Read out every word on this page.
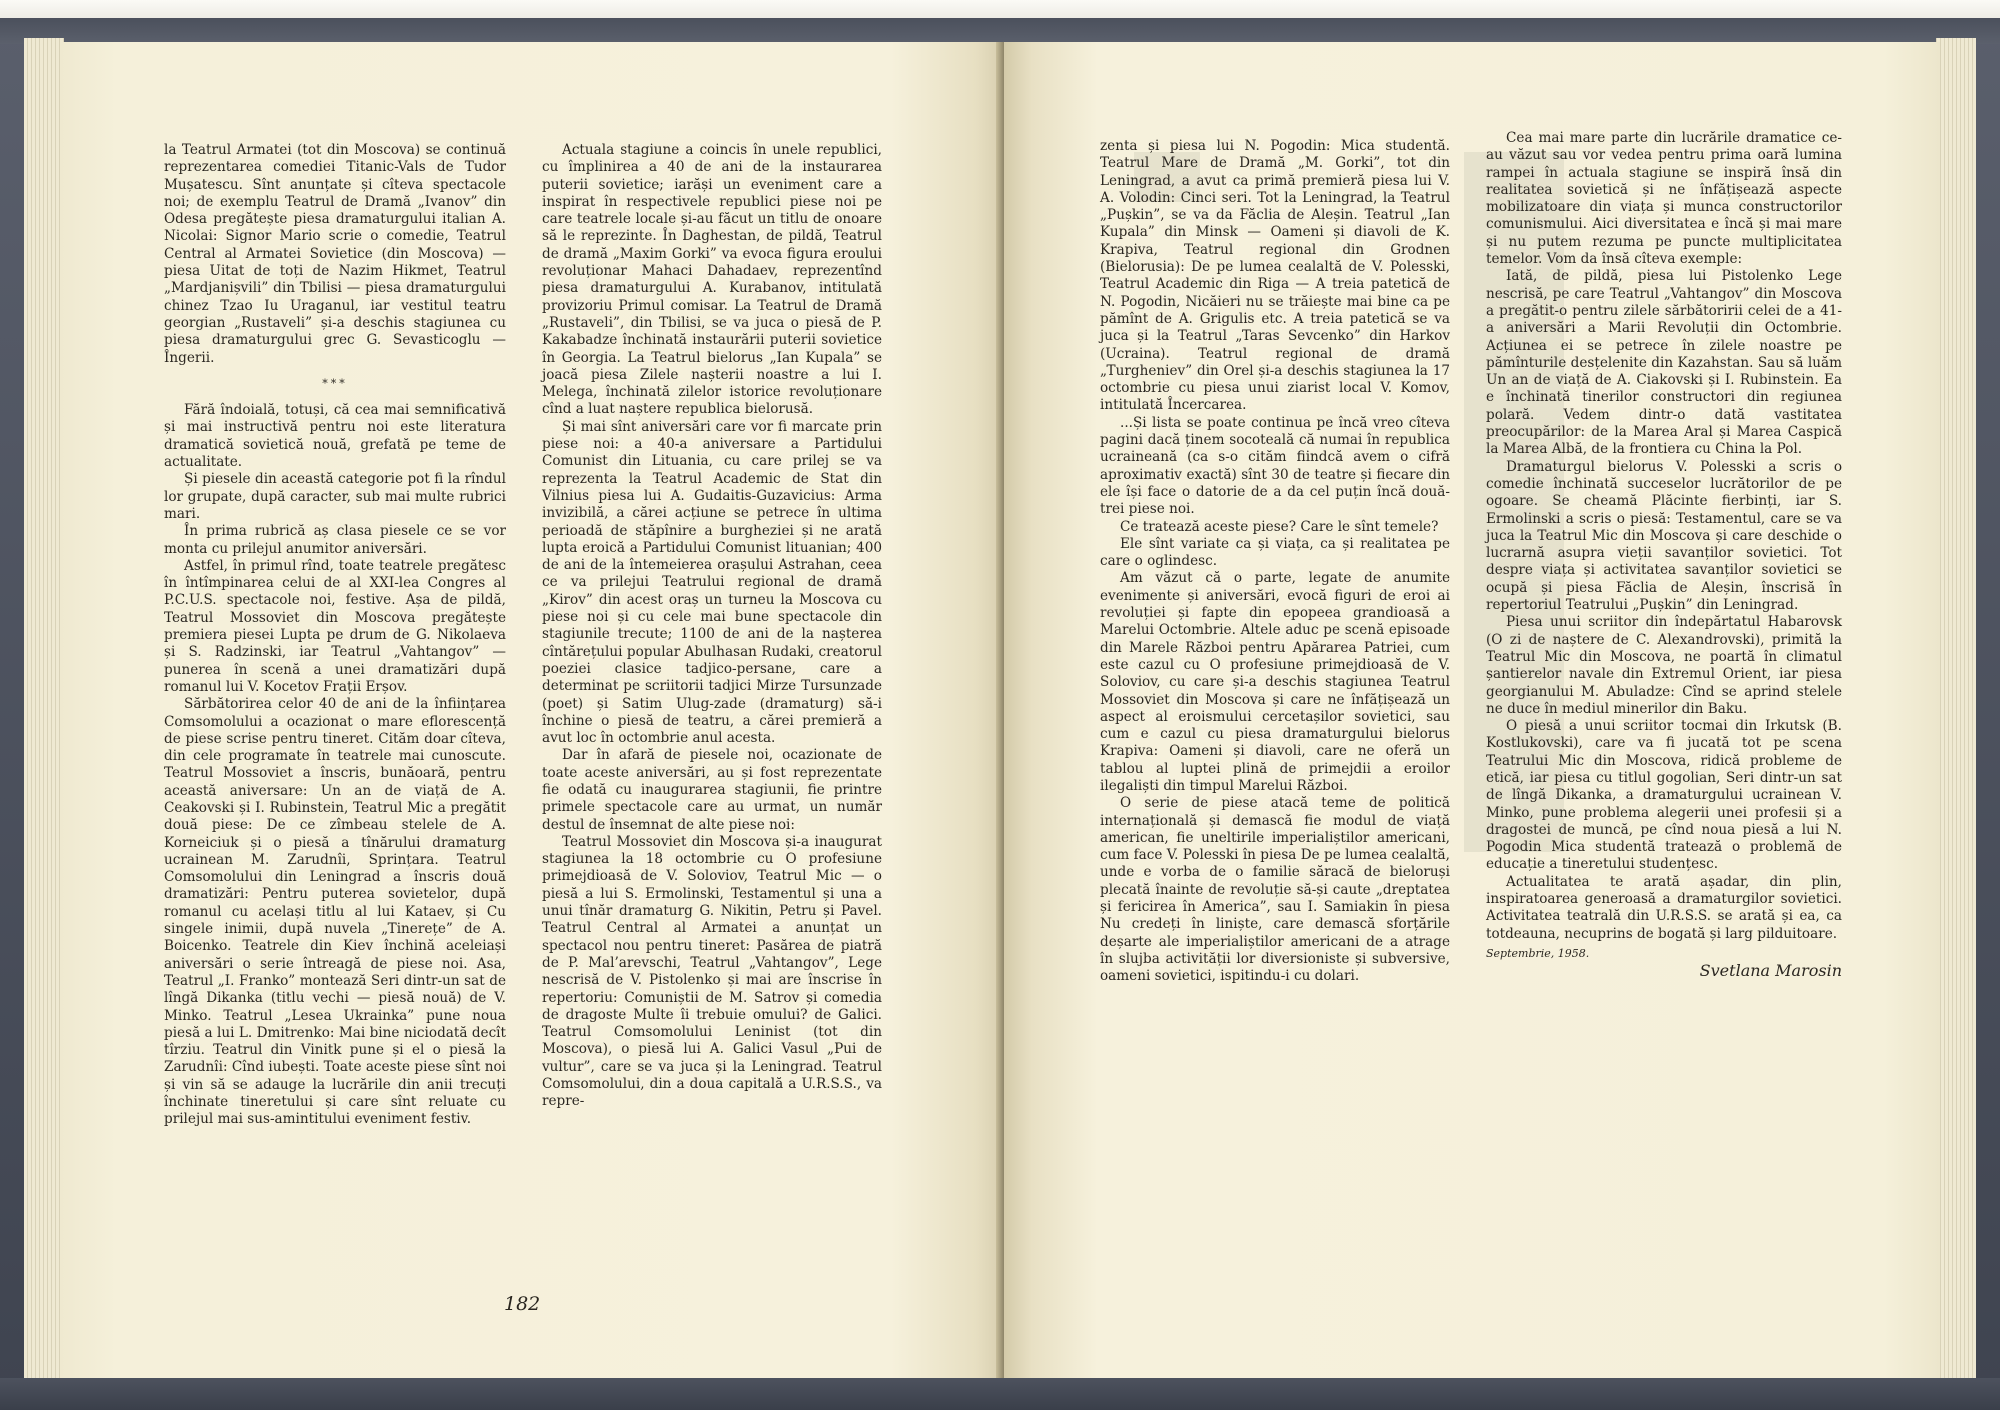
la Teatrul Armatei (tot din Moscova) se continuă reprezentarea comediei Titanic-Vals de Tudor Mușatescu. Sînt anunțate și cîteva spectacole noi; de exemplu Teatrul de Dramă „Ivanov” din Odesa pregătește piesa dramaturgului italian A. Nicolai: Signor Mario scrie o comedie, Teatrul Central al Armatei Sovietice (din Moscova) — piesa Uitat de toți de Nazim Hikmet, Teatrul „Mardjanișvili” din Tbilisi — piesa dramaturgului chinez Tzao Iu Uraganul, iar vestitul teatru georgian „Rustaveli” și-a deschis stagiunea cu piesa dramaturgului grec G. Sevasticoglu — Îngerii.

***

Fără îndoială, totuși, că cea mai semnificativă și mai instructivă pentru noi este literatura dramatică sovietică nouă, grefată pe teme de actualitate.

Și piesele din această categorie pot fi la rîndul lor grupate, după caracter, sub mai multe rubrici mari.

În prima rubrică aș clasa piesele ce se vor monta cu prilejul anumitor aniversări.

Astfel, în primul rînd, toate teatrele pregătesc în întîmpinarea celui de al XXI-lea Congres al P.C.U.S. spectacole noi, festive. Așa de pildă, Teatrul Mossoviet din Moscova pregătește premiera piesei Lupta pe drum de G. Nikolaeva și S. Radzinski, iar Teatrul „Vahtangov” — punerea în scenă a unei dramatizări după romanul lui V. Kocetov Frații Erșov.

Sărbătorirea celor 40 de ani de la înființarea Comsomolului a ocazionat o mare eflorescență de piese scrise pentru tineret. Cităm doar cîteva, din cele programate în teatrele mai cunoscute. Teatrul Mossoviet a înscris, bunăoară, pentru această aniversare: Un an de viață de A. Ceakovski și I. Rubinstein, Teatrul Mic a pregătit două piese: De ce zîmbeau stelele de A. Korneiciuk și o piesă a tînărului dramaturg ucrainean M. Zarudnîi, Sprințara. Teatrul Comsomolului din Leningrad a înscris două dramatizări: Pentru puterea sovietelor, după romanul cu același titlu al lui Kataev, și Cu singele inimii, după nuvela „Tinerețe” de A. Boicenko. Teatrele din Kiev închină aceleiași aniversări o serie întreagă de piese noi. Asa, Teatrul „I. Franko” montează Seri dintr-un sat de lîngă Dikanka (titlu vechi — piesă nouă) de V. Minko. Teatrul „Lesea Ukrainka” pune noua piesă a lui L. Dmitrenko: Mai bine niciodată decît tîrziu. Teatrul din Vinitk pune și el o piesă la Zarudnîi: Cînd iubești. Toate aceste piese sînt noi și vin să se adauge la lucrările din anii trecuți închinate tineretului și care sînt reluate cu prilejul mai sus-amintitului eveniment festiv.

Actuala stagiune a coincis în unele republici, cu împlinirea a 40 de ani de la instaurarea puterii sovietice; iarăși un eveniment care a inspirat în respectivele republici piese noi pe care teatrele locale și-au făcut un titlu de onoare să le reprezinte. În Daghestan, de pildă, Teatrul de dramă „Maxim Gorki” va evoca figura eroului revoluționar Mahaci Dahadaev, reprezentînd piesa dramaturgului A. Kurabanov, intitulată provizoriu Primul comisar. La Teatrul de Dramă „Rustaveli”, din Tbilisi, se va juca o piesă de P. Kakabadze închinată instaurării puterii sovietice în Georgia. La Teatrul bielorus „Ian Kupala” se joacă piesa Zilele nașterii noastre a lui I. Melega, închinată zilelor istorice revoluționare cînd a luat naștere republica bielorusă.

Și mai sînt aniversări care vor fi marcate prin piese noi: a 40-a aniversare a Partidului Comunist din Lituania, cu care prilej se va reprezenta la Teatrul Academic de Stat din Vilnius piesa lui A. Gudaitis-Guzavicius: Arma invizibilă, a cărei acțiune se petrece în ultima perioadă de stăpînire a burgheziei și ne arată lupta eroică a Partidului Comunist lituanian; 400 de ani de la întemeierea orașului Astrahan, ceea ce va prilejui Teatrului regional de dramă „Kirov” din acest oraș un turneu la Moscova cu piese noi și cu cele mai bune spectacole din stagiunile trecute; 1100 de ani de la nașterea cîntărețului popular Abulhasan Rudaki, creatorul poeziei clasice tadjico-persane, care a determinat pe scriitorii tadjici Mirze Tursunzade (poet) și Satim Ulug-zade (dramaturg) să-i închine o piesă de teatru, a cărei premieră a avut loc în octombrie anul acesta.

Dar în afară de piesele noi, ocazionate de toate aceste aniversări, au și fost reprezentate fie odată cu inaugurarea stagiunii, fie printre primele spectacole care au urmat, un număr destul de însemnat de alte piese noi:

Teatrul Mossoviet din Moscova și-a inaugurat stagiunea la 18 octombrie cu O profesiune primejdioasă de V. Soloviov, Teatrul Mic — o piesă a lui S. Ermolinski, Testamentul și una a unui tînăr dramaturg G. Nikitin, Petru și Pavel. Teatrul Central al Armatei a anunțat un spectacol nou pentru tineret: Pasărea de piatră de P. Mal’arevschi, Teatrul „Vahtangov”, Lege nescrisă de V. Pistolenko și mai are înscrise în repertoriu: Comuniștii de M. Satrov și comedia de dragoste Multe îi trebuie omului? de Galici. Teatrul Comsomolului Leninist (tot din Moscova), o piesă lui A. Galici Vasul „Pui de vultur”, care se va juca și la Leningrad. Teatrul Comsomolului, din a doua capitală a U.R.S.S., va repre-

182

zenta și piesa lui N. Pogodin: Mica studentă. Teatrul Mare de Dramă „M. Gorki”, tot din Leningrad, a avut ca primă premieră piesa lui V. A. Volodin: Cinci seri. Tot la Leningrad, la Teatrul „Pușkin”, se va da Făclia de Aleșin. Teatrul „Ian Kupala” din Minsk — Oameni și diavoli de K. Krapiva, Teatrul regional din Grodnen (Bielorusia): De pe lumea cealaltă de V. Polesski, Teatrul Academic din Riga — A treia patetică de N. Pogodin, Nicăieri nu se trăiește mai bine ca pe pămînt de A. Grigulis etc. A treia patetică se va juca și la Teatrul „Taras Sevcenko” din Harkov (Ucraina). Teatrul regional de dramă „Turgheniev” din Orel și-a deschis stagiunea la 17 octombrie cu piesa unui ziarist local V. Komov, intitulată Încercarea.

...Și lista se poate continua pe încă vreo cîteva pagini dacă ținem socoteală că numai în republica ucraineană (ca s-o cităm fiindcă avem o cifră aproximativ exactă) sînt 30 de teatre și fiecare din ele își face o datorie de a da cel puțin încă două-trei piese noi.

Ce tratează aceste piese? Care le sînt temele?

Ele sînt variate ca și viața, ca și realitatea pe care o oglindesc.

Am văzut că o parte, legate de anumite evenimente și aniversări, evocă figuri de eroi ai revoluției și fapte din epopeea grandioasă a Marelui Octombrie. Altele aduc pe scenă episoade din Marele Război pentru Apărarea Patriei, cum este cazul cu O profesiune primejdioasă de V. Soloviov, cu care și-a deschis stagiunea Teatrul Mossoviet din Moscova și care ne înfățișează un aspect al eroismului cercetașilor sovietici, sau cum e cazul cu piesa dramaturgului bielorus Krapiva: Oameni și diavoli, care ne oferă un tablou al luptei plină de primejdii a eroilor ilegaliști din timpul Marelui Război.

O serie de piese atacă teme de politică internațională și demască fie modul de viață american, fie uneltirile imperialiștilor americani, cum face V. Polesski în piesa De pe lumea cealaltă, unde e vorba de o familie săracă de bieloruși plecată înainte de revoluție să-și caute „dreptatea și fericirea în America”, sau I. Samiakin în piesa Nu credeți în liniște, care demască sforțările deșarte ale imperialiștilor americani de a atrage în slujba activității lor diversioniste și subversive, oameni sovietici, ispitindu-i cu dolari.

Cea mai mare parte din lucrările dramatice ce-au văzut sau vor vedea pentru prima oară lumina rampei în actuala stagiune se inspiră însă din realitatea sovietică și ne înfățișează aspecte mobilizatoare din viața și munca constructorilor comunismului. Aici diversitatea e încă și mai mare și nu putem rezuma pe puncte multiplicitatea temelor. Vom da însă cîteva exemple:

Iată, de pildă, piesa lui Pistolenko Lege nescrisă, pe care Teatrul „Vahtangov” din Moscova a pregătit-o pentru zilele sărbătoririi celei de a 41-a aniversări a Marii Revoluții din Octombrie. Acțiunea ei se petrece în zilele noastre pe pămînturile desțelenite din Kazahstan. Sau să luăm Un an de viață de A. Ciakovski și I. Rubinstein. Ea e închinată tinerilor constructori din regiunea polară. Vedem dintr-o dată vastitatea preocupărilor: de la Marea Aral și Marea Caspică la Marea Albă, de la frontiera cu China la Pol.

Dramaturgul bielorus V. Polesski a scris o comedie închinată succeselor lucrătorilor de pe ogoare. Se cheamă Plăcinte fierbinți, iar S. Ermolinski a scris o piesă: Testamentul, care se va juca la Teatrul Mic din Moscova și care deschide o lucrarnă asupra vieții savanților sovietici. Tot despre viața și activitatea savanților sovietici se ocupă și piesa Făclia de Aleșin, înscrisă în repertoriul Teatrului „Pușkin” din Leningrad.

Piesa unui scriitor din îndepărtatul Habarovsk (O zi de naștere de C. Alexandrovski), primită la Teatrul Mic din Moscova, ne poartă în climatul șantierelor navale din Extremul Orient, iar piesa georgianului M. Abuladze: Cînd se aprind stelele ne duce în mediul minerilor din Baku.

O piesă a unui scriitor tocmai din Irkutsk (B. Kostlukovski), care va fi jucată tot pe scena Teatrului Mic din Moscova, ridică probleme de etică, iar piesa cu titlul gogolian, Seri dintr-un sat de lîngă Dikanka, a dramaturgului ucrainean V. Minko, pune problema alegerii unei profesii și a dragostei de muncă, pe cînd noua piesă a lui N. Pogodin Mica studentă tratează o problemă de educație a tineretului studențesc.

Actualitatea te arată așadar, din plin, inspiratoarea generoasă a dramaturgilor sovietici. Activitatea teatrală din U.R.S.S. se arată și ea, ca totdeauna, necuprins de bogată și larg pilduitoare.

Septembrie, 1958.

Svetlana Marosin
